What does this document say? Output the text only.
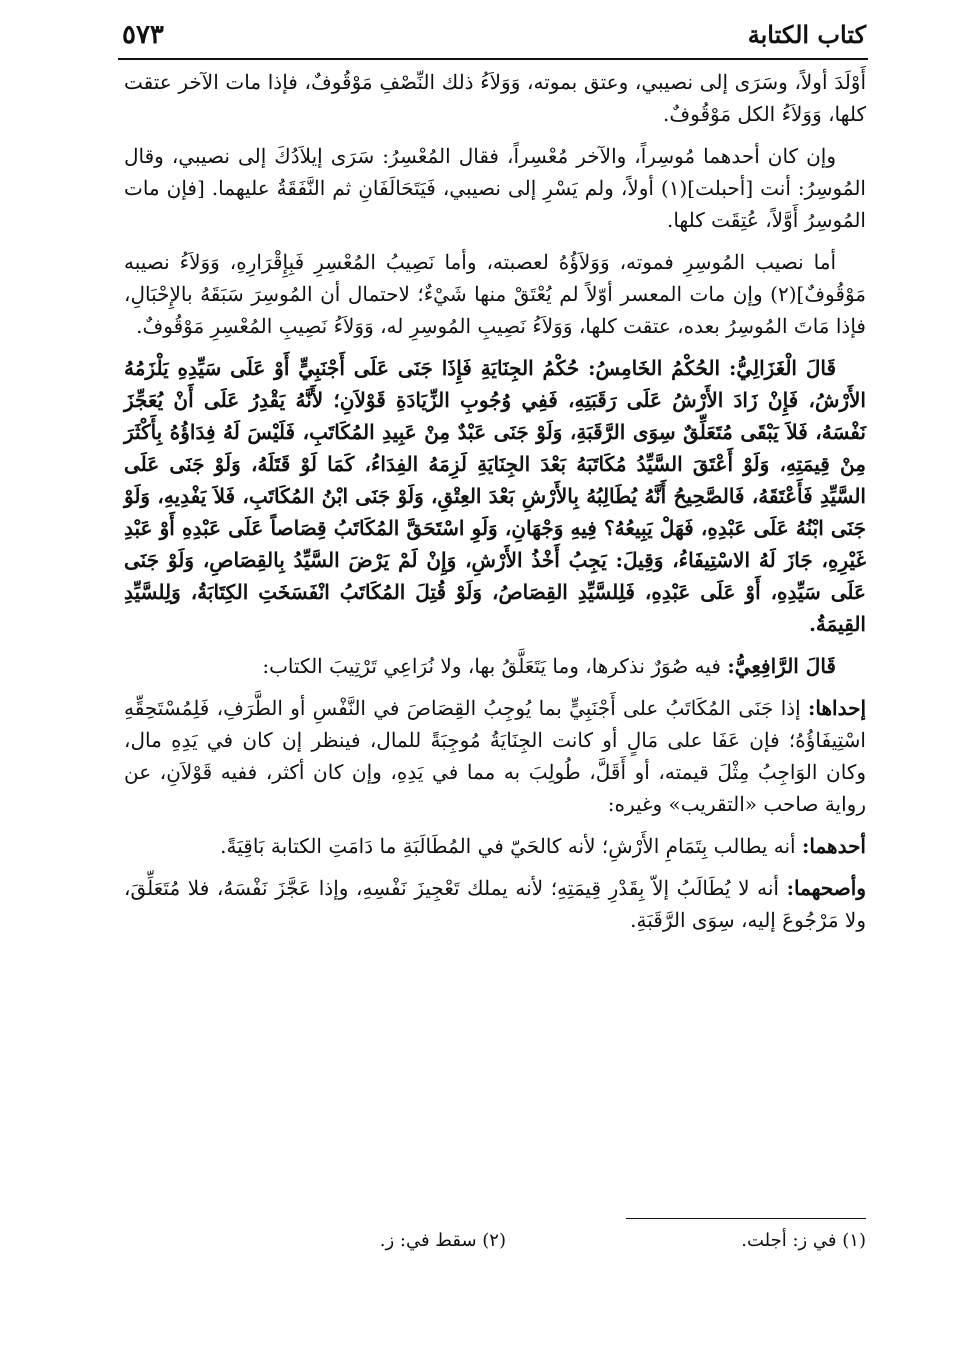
كتاب الكتابة
٥٧٣

أَوْلَدَ أولاً، وسَرَى إلى نصيبي، وعتق بموته، وَوَلاَءُ ذلك النِّصْفِ مَوْقُوفٌ، فإذا مات الآخر عتقت كلها، وَوَلاَءُ الكل مَوْقُوفٌ.

وإن كان أحدهما مُوسِراً، والآخر مُعْسِراً، فقال المُعْسِرُ: سَرَى إيلاَدُكَ إلى نصيبي، وقال المُوسِرُ: أنت [أحبلت](١) أولاً، ولم يَسْرِ إلى نصيبي، فَيَتَحَالَفَانِ ثم النَّفَقَةُ عليهما. [فإن مات المُوسِرُ أَوَّلاً، عُتِقَت كلها.

أما نصيب المُوسِرِ فموته، وَوَلاَؤُهُ لعصبته، وأما نَصِيبُ المُعْسِرِ فَبِإِقْرَارِهِ، وَوَلاَءُ نصيبه مَوْقُوفٌ](٢) وإن مات المعسر أوّلاً لم يُعْتَقْ منها شَيْءٌ؛ لاحتمال أن المُوسِرَ سَبَقَهُ بالإِحْبَالِ، فإذا مَاتَ المُوسِرُ بعده، عتقت كلها، وَوَلاَءُ نَصِيبِ المُوسِرِ له، وَوَلاَءُ نَصِيبِ المُعْسِرِ مَوْقُوفٌ.

قَالَ الْغَزَالِيُّ: الحُكْمُ الخَامِسُ: حُكْمُ الجِنَايَةِ فَإِذَا جَنَى عَلَى أَجْنَبِيٍّ أَوْ عَلَى سَيِّدِهِ يَلْزَمُهُ الأَرْشُ، فَإِنْ زَادَ الأَرْشُ عَلَى رَقَبَتِهِ، فَفِي وُجُوبِ الزِّيَادَةِ قَوْلاَنِ؛ لأَنَّهُ يَقْدِرُ عَلَى أَنْ يُعَجِّزَ نَفْسَهُ، فَلاَ يَبْقَى مُتَعَلِّقٌ سِوَى الرَّقَبَةِ، وَلَوْ جَنَى عَبْدٌ مِنْ عَبِيدِ المُكَاتَبِ، فَلَيْسَ لَهُ فِدَاؤُهُ بِأَكْثَرَ مِنْ قِيمَتِهِ، وَلَوْ أَعْتَقَ السَّيِّدُ مُكَاتَبَهُ بَعْدَ الجِنَايَةِ لَزِمَهُ الفِدَاءُ، كَمَا لَوْ قَتَلَهُ، وَلَوْ جَنَى عَلَى السَّيِّدِ فَأَعْتَقَهُ، فَالصَّحِيحُ أَنَّهُ يُطَالِبُهُ بِالأَرْشِ بَعْدَ العِتْقِ، وَلَوْ جَنَى ابْنُ المُكَاتَبِ، فَلاَ يَفْدِيهِ، وَلَوْ جَنَى ابْنُهُ عَلَى عَبْدِهِ، فَهَلْ يَبِيعُهُ؟ فِيهِ وَجْهَانِ، وَلَوِ اسْتَحَقَّ المُكَاتَبُ قِصَاصاً عَلَى عَبْدِهِ أَوْ عَبْدِ غَيْرِهِ، جَازَ لَهُ الاسْتِيفَاءُ، وَقِيلَ: يَجِبُ أَخْذُ الأَرْشِ، وَإِنْ لَمْ يَرْضَ السَّيِّدُ بِالقِصَاصِ، وَلَوْ جَنَى عَلَى سَيِّدِهِ، أَوْ عَلَى عَبْدِهِ، فَلِلسَّيِّدِ القِصَاصُ، وَلَوْ قُتِلَ المُكَاتَبُ انْفَسَخَتِ الكِتَابَةُ، وَلِلسَّيِّدِ القِيمَةُ.

قَالَ الرَّافِعِيُّ: فيه صُوَرٌ نذكرها، وما يَتَعَلَّقُ بها، ولا نُرَاعِي تَرْتِيبَ الكتاب:

إحداها: إذا جَنَى المُكَاتَبُ على أَجْنَبِيٍّ بما يُوجِبُ القِصَاصَ في النَّفْسِ أو الطَّرَفِ، فَلِمُسْتَحِقِّهِ اسْتِيفَاؤُهُ؛ فإن عَفَا على مَالٍ أو كانت الجِنَايَةُ مُوجِبَةً للمال، فينظر إن كان في يَدِهِ مال، وكان الوَاجِبُ مِثْلَ قيمته، أو أَقَلَّ، طُولِبَ به مما في يَدِهِ، وإن كان أكثر، ففيه قَوْلاَنِ، عن رواية صاحب «التقريب» وغيره:

أحدهما: أنه يطالب بِتَمَامِ الأَرْشِ؛ لأنه كالحَيّ في المُطَالَبَةِ ما دَامَتِ الكتابة بَاقِيَةً.

وأصحهما: أنه لا يُطَالَبُ إلاّ بِقَدْرِ قِيمَتِهِ؛ لأنه يملك تَعْجِيزَ نَفْسِهِ، وإذا عَجَّزَ نَفْسَهُ، فلا مُتَعَلِّقَ، ولا مَرْجُوعَ إليه، سِوَى الرَّقَبَةِ.

(١) في ز: أجلت.
(٢) سقط في: ز.
